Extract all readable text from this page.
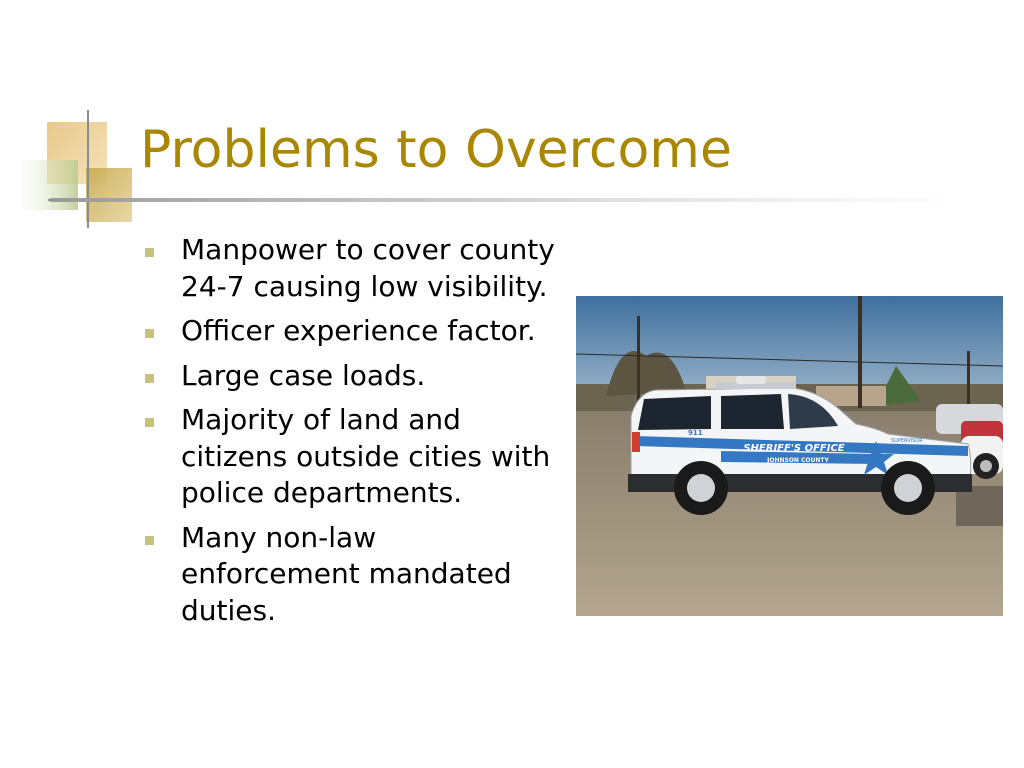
Problems to Overcome
Manpower to cover county 24-7 causing low visibility.
Officer experience factor.
Large case loads.
Majority of land and citizens outside cities with police departments.
Many non-law enforcement mandated duties.
SHERIFF'S OFFICE
JOHNSON COUNTY
911
SUPERVISOR
